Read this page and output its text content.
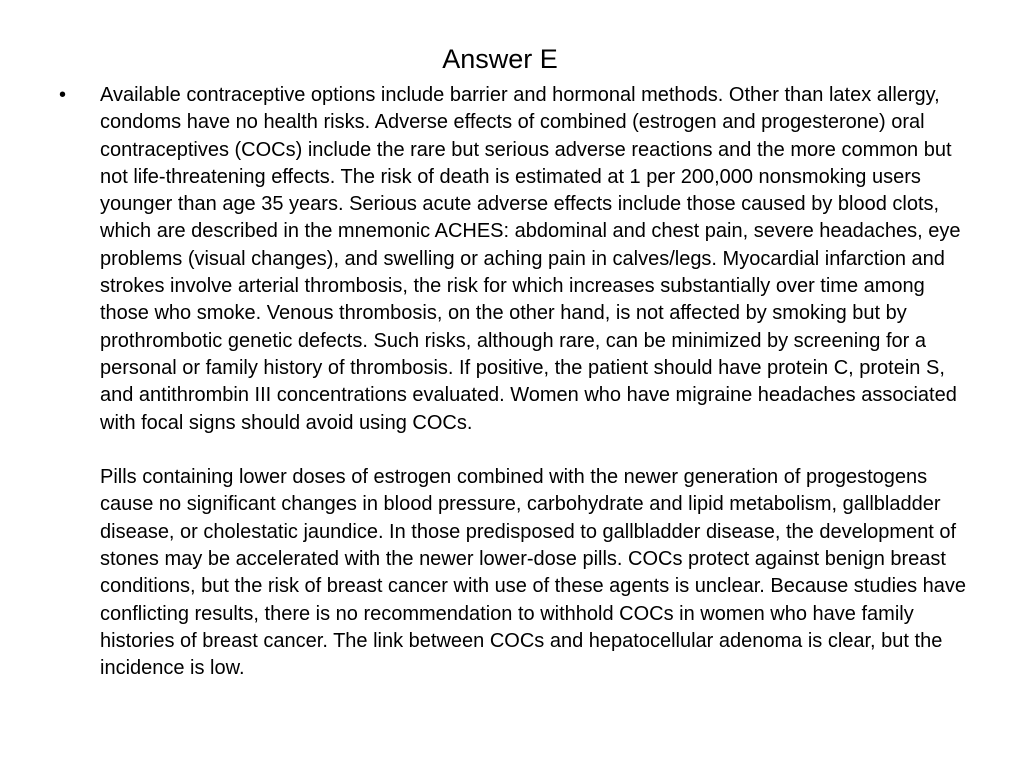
Answer E
• Available contraceptive options include barrier and hormonal methods. Other than latex allergy, condoms have no health risks. Adverse effects of combined (estrogen and progesterone) oral contraceptives (COCs) include the rare but serious adverse reactions and the more common but not life-threatening effects. The risk of death is estimated at 1 per 200,000 nonsmoking users younger than age 35 years. Serious acute adverse effects include those caused by blood clots, which are described in the mnemonic ACHES: abdominal and chest pain, severe headaches, eye problems (visual changes), and swelling or aching pain in calves/legs. Myocardial infarction and strokes involve arterial thrombosis, the risk for which increases substantially over time among those who smoke. Venous thrombosis, on the other hand, is not affected by smoking but by prothrombotic genetic defects. Such risks, although rare, can be minimized by screening for a personal or family history of thrombosis. If positive, the patient should have protein C, protein S, and antithrombin III concentrations evaluated. Women who have migraine headaches associated with focal signs should avoid using COCs.

Pills containing lower doses of estrogen combined with the newer generation of progestogens cause no significant changes in blood pressure, carbohydrate and lipid metabolism, gallbladder disease, or cholestatic jaundice. In those predisposed to gallbladder disease, the development of stones may be accelerated with the newer lower-dose pills. COCs protect against benign breast conditions, but the risk of breast cancer with use of these agents is unclear. Because studies have conflicting results, there is no recommendation to withhold COCs in women who have family histories of breast cancer. The link between COCs and hepatocellular adenoma is clear, but the incidence is low.
